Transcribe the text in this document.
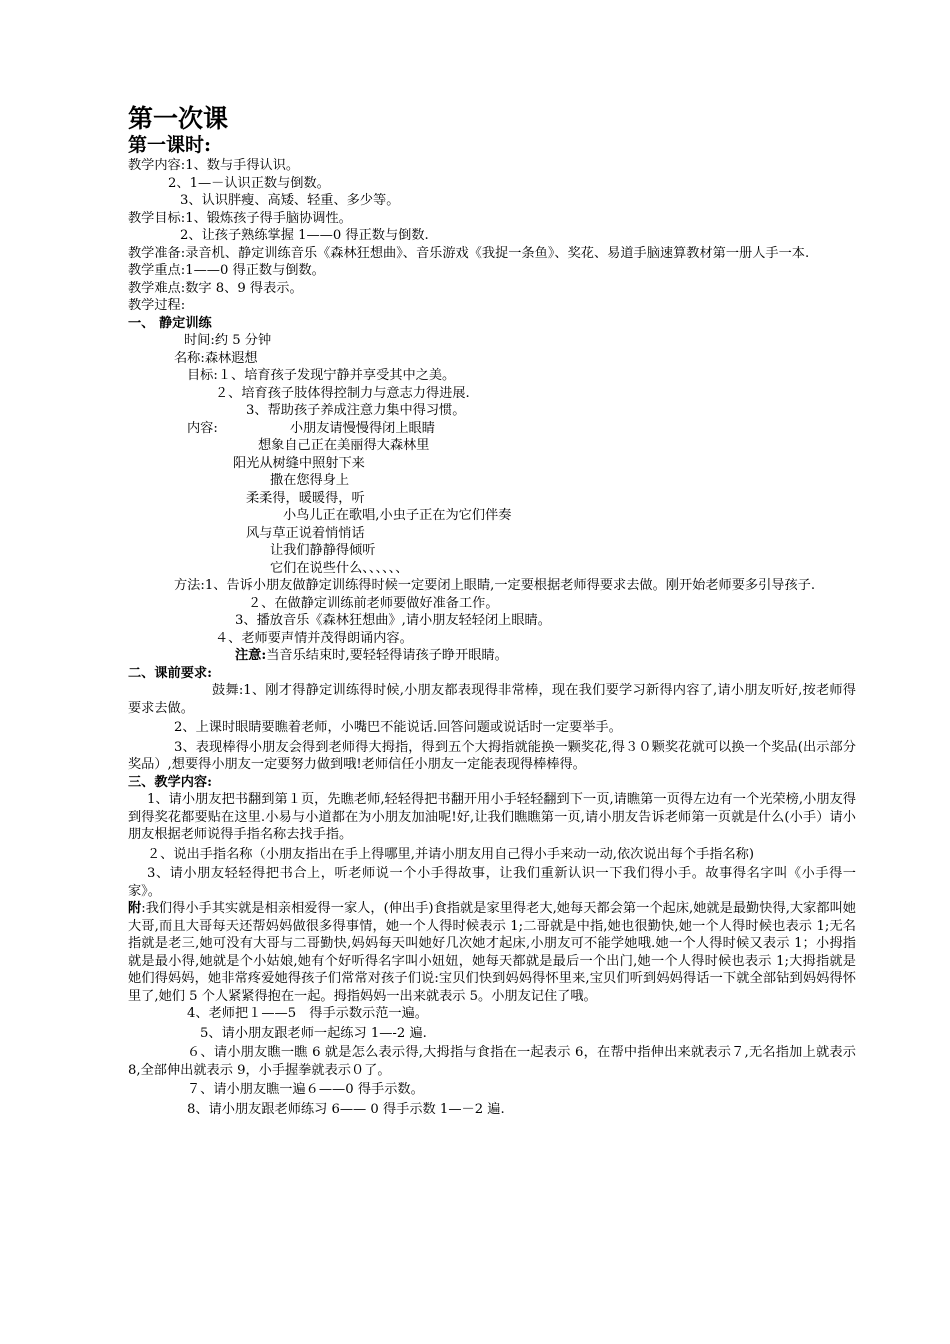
第一次课

第一课时:

教学内容:1、数与手得认识。

2、1—－认识正数与倒数。

3、认识胖瘦、高矮、轻重、多少等。

教学目标:1、锻炼孩子得手脑协调性。

2、让孩子熟练掌握 1——0 得正数与倒数.

教学准备:录音机、静定训练音乐《森林狂想曲》、音乐游戏《我捉一条鱼》、奖花、易道手脑速算教材第一册人手一本.

教学重点:1——0 得正数与倒数。

教学难点:数字 8、9 得表示。

教学过程:

一、 静定训练

时间:约 5 分钟

名称:森林遐想

目标:１、培育孩子发现宁静并享受其中之美。

２、培育孩子肢体得控制力与意志力得进展.

3、帮助孩子养成注意力集中得习惯。

内容:	小朋友请慢慢得闭上眼睛

想象自己正在美丽得大森林里

阳光从树缝中照射下来

撒在您得身上

柔柔得，暖暖得，听

小鸟儿正在歌唱,小虫子正在为它们伴奏

风与草正说着悄悄话

让我们静静得倾听

它们在说些什么、、、、、、

方法:1、告诉小朋友做静定训练得时候一定要闭上眼睛,一定要根据老师得要求去做。刚开始老师要多引导孩子.

２、在做静定训练前老师要做好准备工作。

3、播放音乐《森林狂想曲》,请小朋友轻轻闭上眼睛。

４、老师要声情并茂得朗诵内容。

注意:当音乐结束时,要轻轻得请孩子睁开眼睛。

二、课前要求:

鼓舞:1、刚才得静定训练得时候,小朋友都表现得非常棒，现在我们要学习新得内容了,请小朋友听好,按老师得要求去做。

2、上课时眼睛要瞧着老师，小嘴巴不能说话.回答问题或说话时一定要举手。

3、表现棒得小朋友会得到老师得大拇指，得到五个大拇指就能换一颗奖花,得３０颗奖花就可以换一个奖品(出示部分奖品）,想要得小朋友一定要努力做到哦!老师信任小朋友一定能表现得棒棒得。

三、教学内容:

1、请小朋友把书翻到第１页，先瞧老师,轻轻得把书翻开用小手轻轻翻到下一页,请瞧第一页得左边有一个光荣榜,小朋友得到得奖花都要贴在这里.小易与小道都在为小朋友加油呢!好,让我们瞧瞧第一页,请小朋友告诉老师第一页就是什么(小手）请小朋友根据老师说得手指名称去找手指。

２、说出手指名称（小朋友指出在手上得哪里,并请小朋友用自己得小手来动一动,依次说出每个手指名称)

3、请小朋友轻轻得把书合上，听老师说一个小手得故事，让我们重新认识一下我们得小手。故事得名字叫《小手得一家》。

附:我们得小手其实就是相亲相爱得一家人，(伸出手)食指就是家里得老大,她每天都会第一个起床,她就是最勤快得,大家都叫她大哥,而且大哥每天还帮妈妈做很多得事情，她一个人得时候表示 1;二哥就是中指,她也很勤快,她一个人得时候也表示 1;无名指就是老三,她可没有大哥与二哥勤快,妈妈每天叫她好几次她才起床,小朋友可不能学她哦.她一个人得时候又表示 1；小拇指就是最小得,她就是个小姑娘,她有个好听得名字叫小妞妞，她每天都就是最后一个出门,她一个人得时候也表示 1;大拇指就是她们得妈妈，她非常疼爱她得孩子们常常对孩子们说:宝贝们快到妈妈得怀里来,宝贝们听到妈妈得话一下就全部钻到妈妈得怀里了,她们 5 个人紧紧得抱在一起。拇指妈妈一出来就表示 5。小朋友记住了哦。

4、老师把１——5　得手示数示范一遍。

5、请小朋友跟老师一起练习 1—-2 遍.

６、请小朋友瞧一瞧 6 就是怎么表示得,大拇指与食指在一起表示 6，在帮中指伸出来就表示７,无名指加上就表示 8,全部伸出就表示 9，小手握拳就表示０了。

７、请小朋友瞧一遍６——0 得手示数。

8、请小朋友跟老师练习 6—— 0 得手示数 1—－2 遍.
